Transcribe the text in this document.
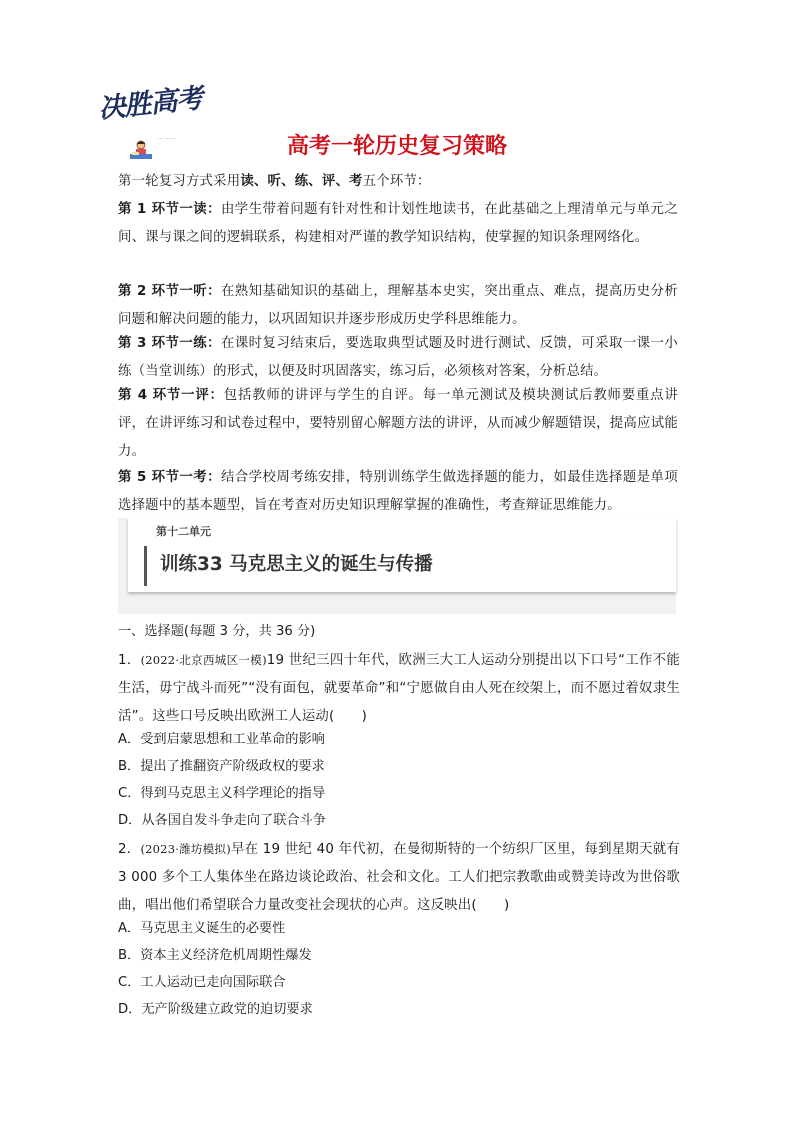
决胜高考
… … …	高考一轮历史复习策略
第一轮复习方式采用读、听、练、评、考五个环节：
第 1 环节一读：由学生带着问题有针对性和计划性地读书，在此基础之上理清单元与单元之间、课与课之间的逻辑联系，构建相对严谨的教学知识结构，使掌握的知识条理网络化。
第 2 环节一听：在熟知基础知识的基础上，理解基本史实，突出重点、难点，提高历史分析问题和解决问题的能力，以巩固知识并逐步形成历史学科思维能力。
第 3 环节一练：在课时复习结束后，要选取典型试题及时进行测试、反馈，可采取一课一小练（当堂训练）的形式，以便及时巩固落实，练习后，必须核对答案，分析总结。
第 4 环节一评：包括教师的讲评与学生的自评。每一单元测试及模块测试后教师要重点讲评，在讲评练习和试卷过程中，要特别留心解题方法的讲评，从而减少解题错误，提高应试能力。
第 5 环节一考：结合学校周考练安排，特别训练学生做选择题的能力，如最佳选择题是单项选择题中的基本题型，旨在考查对历史知识理解掌握的准确性，考查辩证思维能力。
第十二单元
训练33 马克思主义的诞生与传播
一、选择题(每题 3 分，共 36 分)
1．(2022·北京西城区一模)19 世纪三四十年代，欧洲三大工人运动分别提出以下口号“工作不能生活，毋宁战斗而死”“没有面包，就要革命”和“宁愿做自由人死在绞架上，而不愿过着奴隶生活”。这些口号反映出欧洲工人运动(　　)
A．受到启蒙思想和工业革命的影响
B．提出了推翻资产阶级政权的要求
C．得到马克思主义科学理论的指导
D．从各国自发斗争走向了联合斗争
2．(2023·潍坊模拟)早在 19 世纪 40 年代初，在曼彻斯特的一个纺织厂区里，每到星期天就有 3 000 多个工人集体坐在路边谈论政治、社会和文化。工人们把宗教歌曲或赞美诗改为世俗歌曲，唱出他们希望联合力量改变社会现状的心声。这反映出(　　)
A．马克思主义诞生的必要性
B．资本主义经济危机周期性爆发
C．工人运动已走向国际联合
D．无产阶级建立政党的迫切要求
